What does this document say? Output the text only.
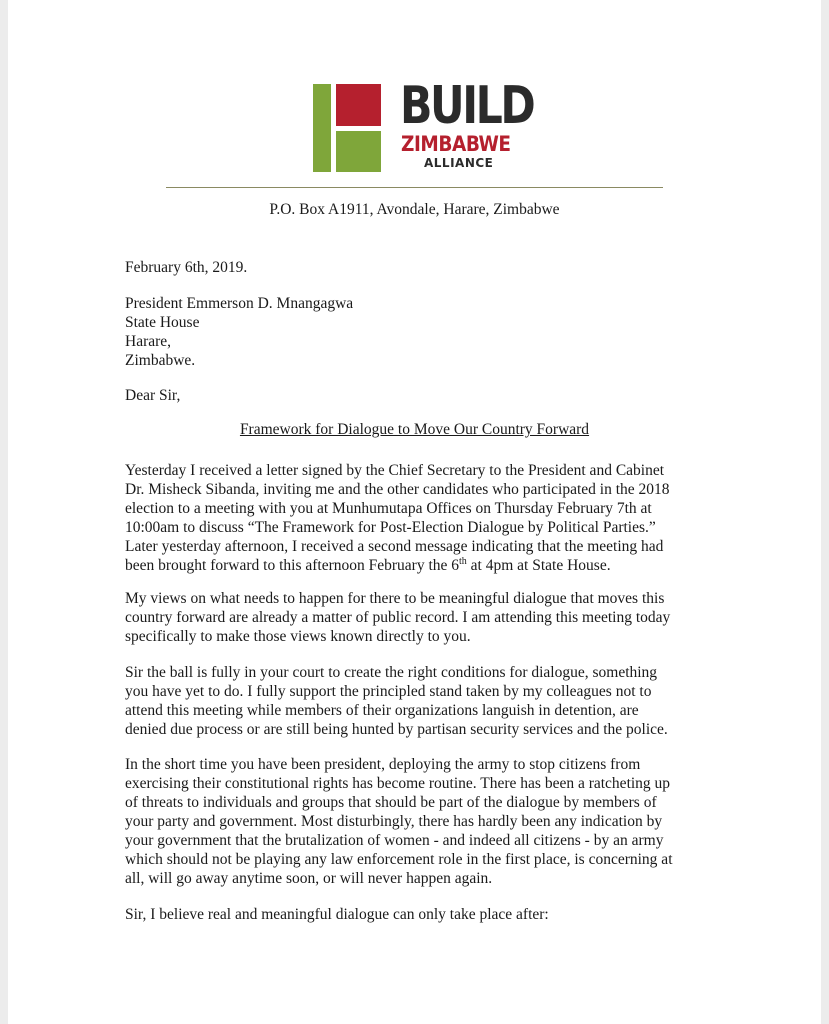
BUILD
ZIMBABWE
ALLIANCE
P.O. Box A1911, Avondale, Harare, Zimbabwe
February 6th, 2019.
President Emmerson D. Mnangagwa
State House
Harare,
Zimbabwe.
Dear Sir,
Framework for Dialogue to Move Our Country Forward
Yesterday I received a letter signed by the Chief Secretary to the President and Cabinet
Dr. Misheck Sibanda, inviting me and the other candidates who participated in the 2018
election to a meeting with you at Munhumutapa Offices on Thursday February 7th at
10:00am to discuss “The Framework for Post-Election Dialogue by Political Parties.”
Later yesterday afternoon, I received a second message indicating that the meeting had
been brought forward to this afternoon February the 6th at 4pm at State House.
My views on what needs to happen for there to be meaningful dialogue that moves this
country forward are already a matter of public record. I am attending this meeting today
specifically to make those views known directly to you.
Sir the ball is fully in your court to create the right conditions for dialogue, something
you have yet to do. I fully support the principled stand taken by my colleagues not to
attend this meeting while members of their organizations languish in detention, are
denied due process or are still being hunted by partisan security services and the police.
In the short time you have been president, deploying the army to stop citizens from
exercising their constitutional rights has become routine. There has been a ratcheting up
of threats to individuals and groups that should be part of the dialogue by members of
your party and government. Most disturbingly, there has hardly been any indication by
your government that the brutalization of women - and indeed all citizens - by an army
which should not be playing any law enforcement role in the first place, is concerning at
all, will go away anytime soon, or will never happen again.
Sir, I believe real and meaningful dialogue can only take place after:
